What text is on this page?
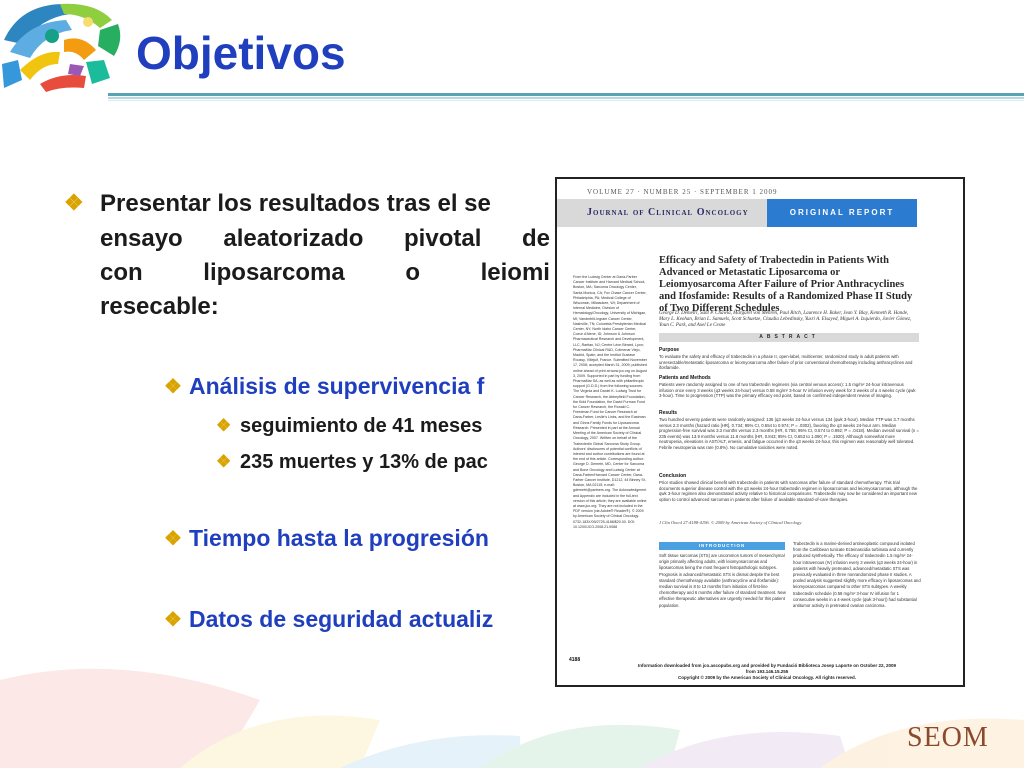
Objetivos
❖ Presentar los resultados tras el se
ensayo aleatorizado pivotal de
con	liposarcoma	o	leiomi
resecable:
❖ Análisis de supervivencia f
❖ seguimiento de 41 meses
❖ 235 muertes y 13% de pac
❖ Tiempo hasta la progresión
❖ Datos de seguridad actualiz
VOLUME 27 · NUMBER 25 · SEPTEMBER 1 2009
Journal of Clinical Oncology	ORIGINAL REPORT
From the Ludwig Center at Dana-Farber Cancer Institute and Harvard Medical School, Boston, MA; Sarcoma Oncology Center, Santa Monica, CA; Fox Chase Cancer Center, Philadelphia, PA; Medical College of Wisconsin, Milwaukee, WI; Department of Internal Medicine, Division of Hematology/Oncology, University of Michigan, MI; Vanderbilt-Ingram Cancer Center, Nashville, TN; Columbia Presbyterian Medical Center, NY; North Idaho Cancer Center, Coeur d'Alene, ID; Johnson & Johnson Pharmaceutical Research and Development, LLC, Raritan, NJ; Centre Léon Bérard, Lyon; PharmaMar Clinical R&D, Colmenar Viejo, Madrid, Spain; and the Institut Gustave Roussy, Villejuif, France. Submitted November 17, 2008; accepted March 31, 2009; published online ahead of print at www.jco.org on August 3, 2009. Supported in part by funding from PharmaMar SA; as well as with philanthropic support (G.D.D.) from the following sources: The Virginia and Daniel K. Ludwig Trust for Cancer Research, the Abbeyfield Foundation, the Kidd Foundation, the David Furman Fund for Cancer Research, the Ronald C. Freedman Fund for Cancer Research at Dana-Farber, Leslie's Links, and the Eastman and Ginns Family Funds for Liposarcoma Research. Presented in part at the Annual Meeting of the American Society of Clinical Oncology, 2007. Written on behalf of the Trabectedin Global Sarcoma Study Group. Authors' disclosures of potential conflicts of interest and author contributions are found at the end of this article. Corresponding author: George D. Demetri, MD, Center for Sarcoma and Bone Oncology and Ludwig Center at Dana-Farber/Harvard Cancer Center, Dana-Farber Cancer Institute, D1212, 44 Binney St, Boston, MA 02115; e-mail: gdemetri@partners.org. The Acknowledgment and Appendix are included in the full-text version of this article; they are available online at www.jco.org. They are not included in the PDF version (via Adobe® Reader®). © 2009 by American Society of Clinical Oncology. 0732-183X/09/2725-4188/$20.00. DOI: 10.1200/JCO.2008.21.0088
Efficacy and Safety of Trabectedin in Patients With Advanced or Metastatic Liposarcoma or Leiomyosarcoma After Failure of Prior Anthracyclines and Ifosfamide: Results of a Randomized Phase II Study of Two Different Schedules
George D. Demetri, Sant P. Chawla, Margaret von Mehren, Paul Ritch, Laurence H. Baker, Jean Y. Blay, Kenneth R. Hande, Mary L. Keohan, Brian L. Samuels, Scott Schuetze, Claudia Lebedinsky, Yusri A. Elsayed, Miguel A. Izquierdo, Javier Gómez, Youn C. Park, and Axel Le Cesne
ABSTRACT
Purpose
To evaluate the safety and efficacy of trabectedin in a phase II, open-label, multicenter, randomized study in adult patients with unresectable/metastatic liposarcoma or leiomyosarcoma after failure of prior conventional chemotherapy including anthracyclines and ifosfamide.
Patients and Methods
Patients were randomly assigned to one of two trabectedin regimens (via central venous access): 1.5 mg/m² 24-hour intravenous infusion once every 3 weeks (q3 weeks 24-hour) versus 0.58 mg/m² 3-hour IV infusion every week for 3 weeks of a 4 weeks cycle (qwk 3-hour). Time to progression (TTP) was the primary efficacy end point, based on confirmed independent review of imaging.
Results
Two hundred seventy patients were randomly assigned: 136 (q3 weeks 24-hour versus 134 (qwk 3-hour). Median TTP was 3.7 months versus 2.3 months (hazard ratio [HR], 0.734; 95% CI, 0.554 to 0.974; P = .0302), favoring the q3 weeks 24-hour arm. Median progression-free survival was 3.3 months versus 2.3 months (HR, 0.755; 95% CI, 0.574 to 0.992; P = .0418). Median overall survival (n = 235 events) was 13.9 months versus 11.8 months (HR, 0.843; 95% CI, 0.653 to 1.090; P = .1920). Although somewhat more neutropenia, elevations in AST/ALT, emesis, and fatigue occurred in the q3 weeks 24-hour, this regimen was reasonably well tolerated. Febrile neutropenia was rare (0.8%). No cumulative toxicities were noted.
Conclusion
Prior studies showed clinical benefit with trabectedin in patients with sarcomas after failure of standard chemotherapy. This trial documents superior disease control with the q3 weeks 24-hour trabectedin regimen in liposarcomas and leiomyosarcomas, although the qwk 3-hour regimen also demonstrated activity relative to historical comparisons. Trabectedin may now be considered an important new option to control advanced sarcomas in patients after failure of available standard-of-care therapies.
J Clin Oncol 27:4188-4196. © 2009 by American Society of Clinical Oncology
INTRODUCTION
Soft tissue sarcomas (STS) are uncommon tumors of mesenchymal origin primarily affecting adults, with leiomyosarcomas and liposarcomas being the most frequent histopathologic subtypes. Prognosis in advanced/metastatic STS is dismal despite the best standard chemotherapy available (anthracycline and ifosfamide): median survival is 8 to 13 months from initiation of first-line chemotherapy and 6 months after failure of standard treatment. New effective therapeutic alternatives are urgently needed for this patient population.
Trabectedin is a marine-derived antineoplastic compound isolated from the Caribbean tunicate Ecteinascidia turbinata and currently produced synthetically. The efficacy of trabectedin 1.5 mg/m² 24-hour intravenous (IV) infusion every 3 weeks (q3 weeks 24-hour) in patients with heavily pretreated, advanced/metastatic STS was previously evaluated in three nonrandomized phase II studies. A pooled analysis suggested slightly more efficacy in liposarcomas and leiomyosarcomas compared to other STS subtypes. A weekly trabectedin schedule (0.58 mg/m² 3-hour IV infusion for 1 consecutive weeks in a 4-week cycle (qwk 3-hour)) had substantial antitumor activity in pretreated ovarian carcinoma.
4188
Information downloaded from jco.ascopubs.org and provided by Fundació Biblioteca Josep Laporte on October 22, 2009
from 193.146.15.255
Copyright © 2009 by the American Society of Clinical Oncology. All rights reserved.
SEOM
